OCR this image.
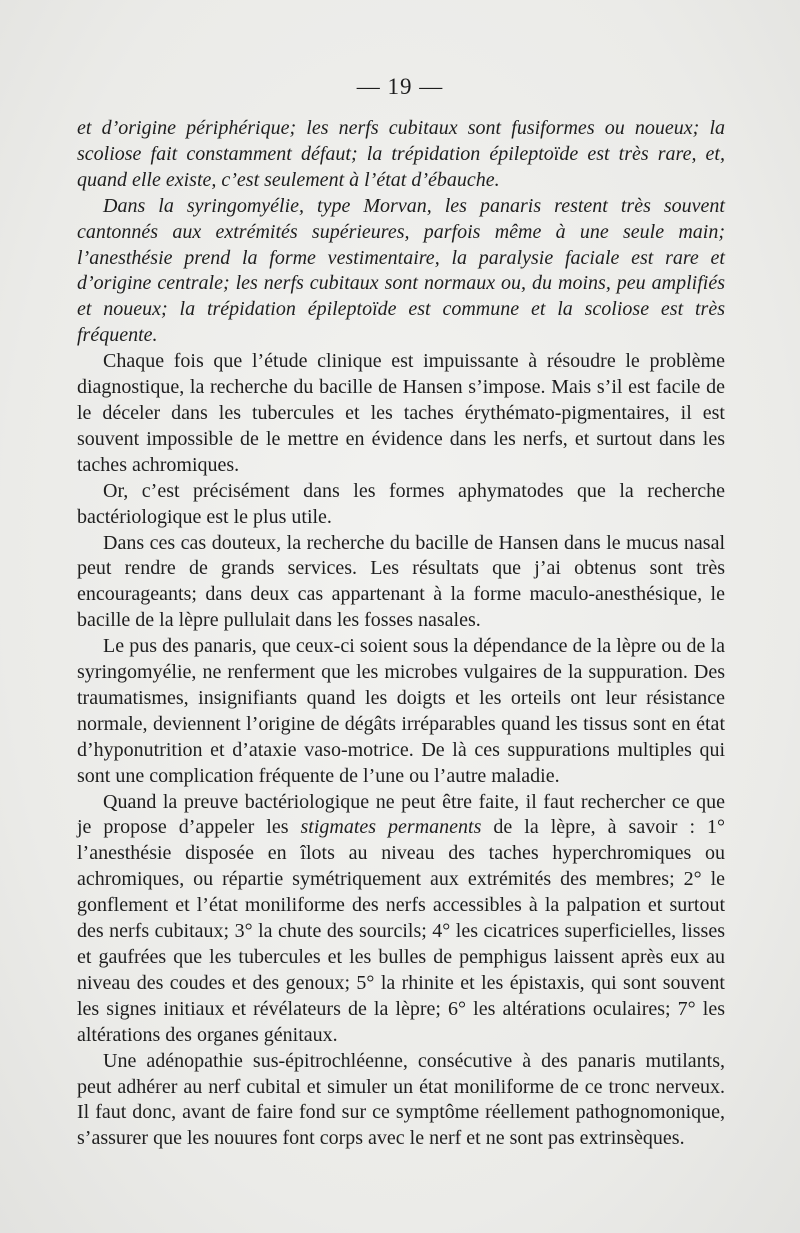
— 19 —

et d’origine périphérique; les nerfs cubitaux sont fusiformes ou noueux; la scoliose fait constamment défaut; la trépidation épileptoïde est très rare, et, quand elle existe, c’est seulement à l’état d’ébauche.

Dans la syringomyélie, type Morvan, les panaris restent très souvent cantonnés aux extrémités supérieures, parfois même à une seule main; l’anesthésie prend la forme vestimentaire, la paralysie faciale est rare et d’origine centrale; les nerfs cubitaux sont normaux ou, du moins, peu amplifiés et noueux; la trépidation épileptoïde est commune et la scoliose est très fréquente.

Chaque fois que l’étude clinique est impuissante à résoudre le problème diagnostique, la recherche du bacille de Hansen s’impose. Mais s’il est facile de le déceler dans les tubercules et les taches érythémato-pigmentaires, il est souvent impossible de le mettre en évidence dans les nerfs, et surtout dans les taches achromiques.

Or, c’est précisément dans les formes aphymatodes que la recherche bactériologique est le plus utile.

Dans ces cas douteux, la recherche du bacille de Hansen dans le mucus nasal peut rendre de grands services. Les résultats que j’ai obtenus sont très encourageants; dans deux cas appartenant à la forme maculo-anesthésique, le bacille de la lèpre pullulait dans les fosses nasales.

Le pus des panaris, que ceux-ci soient sous la dépendance de la lèpre ou de la syringomyélie, ne renferment que les microbes vulgaires de la suppuration. Des traumatismes, insignifiants quand les doigts et les orteils ont leur résistance normale, deviennent l’origine de dégâts irréparables quand les tissus sont en état d’hyponutrition et d’ataxie vaso-motrice. De là ces suppurations multiples qui sont une complication fréquente de l’une ou l’autre maladie.

Quand la preuve bactériologique ne peut être faite, il faut rechercher ce que je propose d’appeler les stigmates permanents de la lèpre, à savoir : 1° l’anesthésie disposée en îlots au niveau des taches hyperchromiques ou achromiques, ou répartie symétriquement aux extrémités des membres; 2° le gonflement et l’état moniliforme des nerfs accessibles à la palpation et surtout des nerfs cubitaux; 3° la chute des sourcils; 4° les cicatrices superficielles, lisses et gaufrées que les tubercules et les bulles de pemphigus laissent après eux au niveau des coudes et des genoux; 5° la rhinite et les épistaxis, qui sont souvent les signes initiaux et révélateurs de la lèpre; 6° les altérations oculaires; 7° les altérations des organes génitaux.

Une adénopathie sus-épitrochléenne, consécutive à des panaris mutilants, peut adhérer au nerf cubital et simuler un état moniliforme de ce tronc nerveux. Il faut donc, avant de faire fond sur ce symptôme réellement pathognomonique, s’assurer que les nouures font corps avec le nerf et ne sont pas extrinsèques.
